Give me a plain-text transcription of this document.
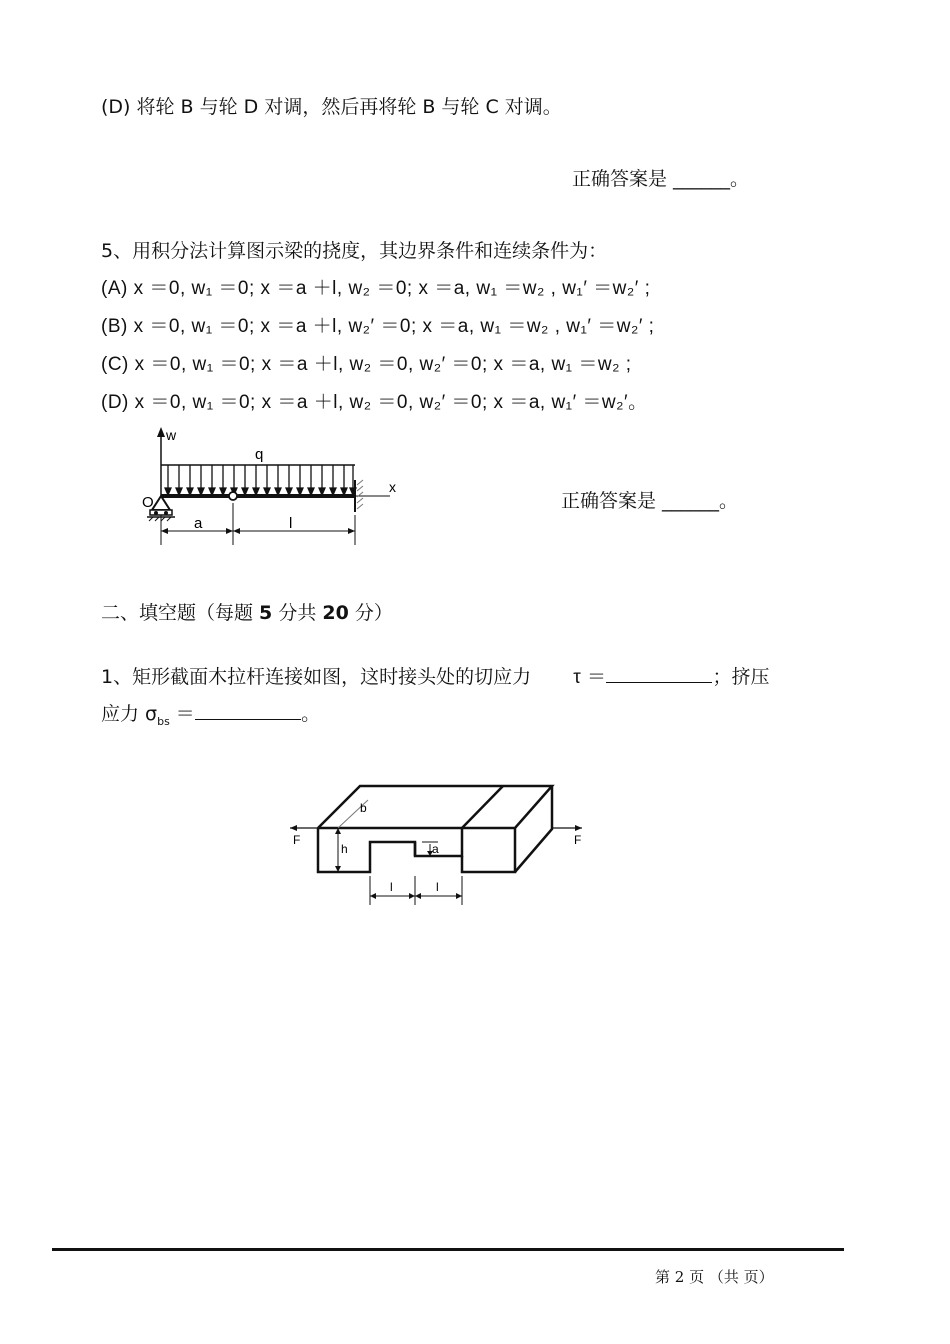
(D) 将轮 B 与轮 D 对调，然后再将轮 B 与轮 C 对调。
正确答案是 ______。
5、用积分法计算图示梁的挠度，其边界条件和连续条件为：
(A) x ＝0, w₁ ＝0; x ＝a ＋l, w₂ ＝0; x ＝a, w₁ ＝w₂ , w₁′ ＝w₂′ ;
(B) x ＝0, w₁ ＝0; x ＝a ＋l, w₂′ ＝0; x ＝a, w₁ ＝w₂ , w₁′ ＝w₂′ ;
(C) x ＝0, w₁ ＝0; x ＝a ＋l, w₂ ＝0, w₂′ ＝0; x ＝a, w₁ ＝w₂ ;
(D) x ＝0, w₁ ＝0; x ＝a ＋l, w₂ ＝0, w₂′ ＝0; x ＝a, w₁′ ＝w₂′。
w
q
x
O
a	l
正确答案是 ______。
二、填空题（每题 5 分共 20 分）
1、矩形截面木拉杆连接如图，这时接头处的切应力 τ ＝	；挤压
应力 $\sigma_{bs}$ ＝	。
b
h	a
F	F
l	l
第 2 页 （共 页）
